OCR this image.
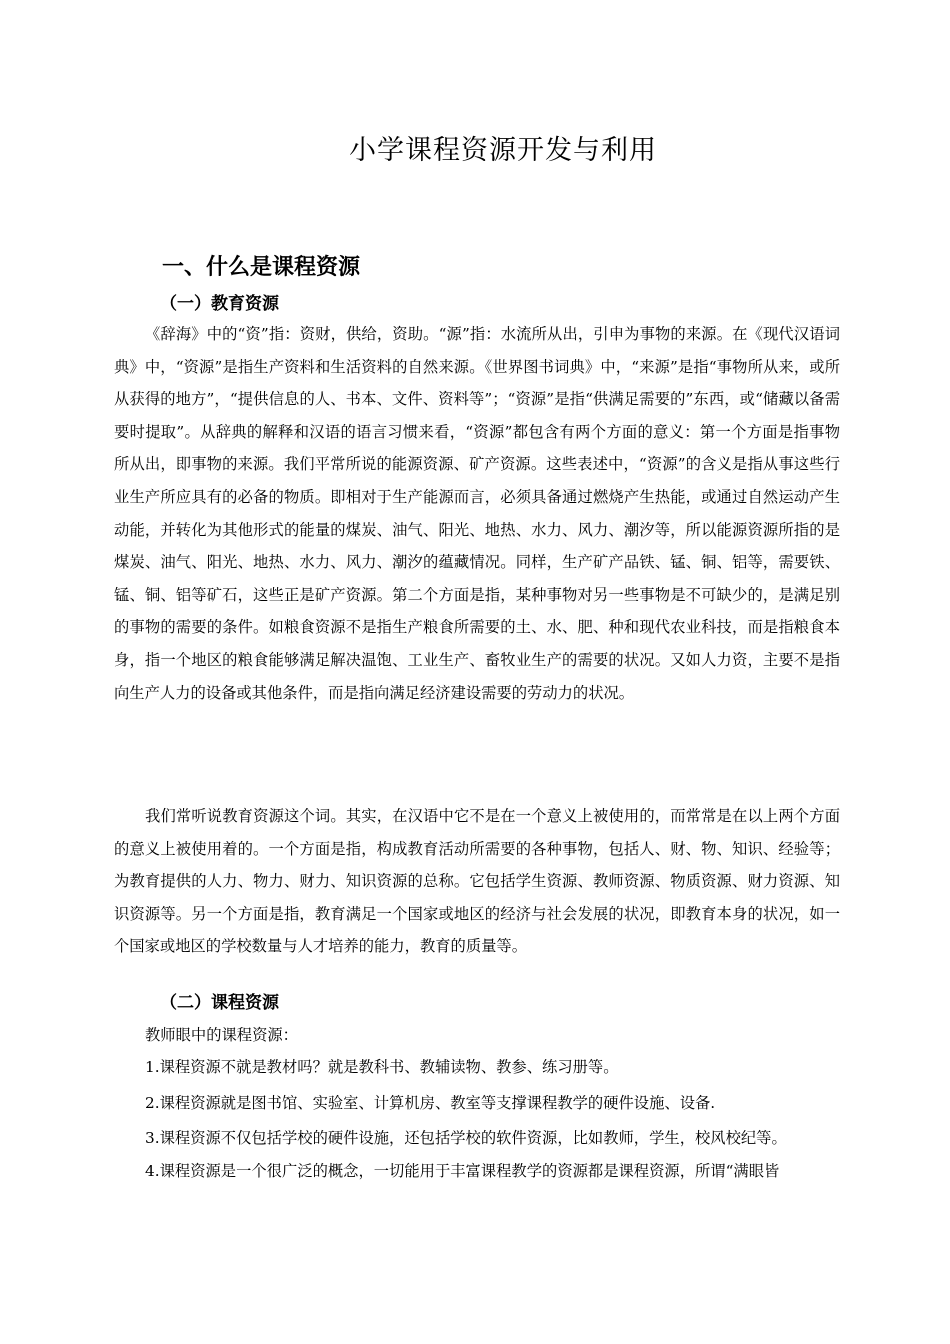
小学课程资源开发与利用
一、什么是课程资源
（一）教育资源

《辞海》中的“资”指：资财，供给，资助。“源”指：水流所从出，引申为事物的来源。在《现代汉语词典》中，“资源”是指生产资料和生活资料的自然来源。《世界图书词典》中，“来源”是指“事物所从来，或所从获得的地方”，“提供信息的人、书本、文件、资料等”；“资源”是指“供满足需要的”东西，或“储藏以备需要时提取”。从辞典的解释和汉语的语言习惯来看，“资源”都包含有两个方面的意义：第一个方面是指事物所从出，即事物的来源。我们平常所说的能源资源、矿产资源。这些表述中，“资源”的含义是指从事这些行业生产所应具有的必备的物质。即相对于生产能源而言，必须具备通过燃烧产生热能，或通过自然运动产生动能，并转化为其他形式的能量的煤炭、油气、阳光、地热、水力、风力、潮汐等，所以能源资源所指的是煤炭、油气、阳光、地热、水力、风力、潮汐的蕴藏情况。同样，生产矿产品铁、锰、铜、铝等，需要铁、锰、铜、铝等矿石，这些正是矿产资源。第二个方面是指，某种事物对另一些事物是不可缺少的，是满足别的事物的需要的条件。如粮食资源不是指生产粮食所需要的土、水、肥、种和现代农业科技，而是指粮食本身，指一个地区的粮食能够满足解决温饱、工业生产、畜牧业生产的需要的状况。又如人力资，主要不是指向生产人力的设备或其他条件，而是指向满足经济建设需要的劳动力的状况。

我们常听说教育资源这个词。其实，在汉语中它不是在一个意义上被使用的，而常常是在以上两个方面的意义上被使用着的。一个方面是指，构成教育活动所需要的各种事物，包括人、财、物、知识、经验等；为教育提供的人力、物力、财力、知识资源的总称。它包括学生资源、教师资源、物质资源、财力资源、知识资源等。另一个方面是指，教育满足一个国家或地区的经济与社会发展的状况，即教育本身的状况，如一个国家或地区的学校数量与人才培养的能力，教育的质量等。

（二）课程资源

教师眼中的课程资源：

1.课程资源不就是教材吗？就是教科书、教辅读物、教参、练习册等。

2.课程资源就是图书馆、实验室、计算机房、教室等支撑课程教学的硬件设施、设备.

3.课程资源不仅包括学校的硬件设施，还包括学校的软件资源，比如教师，学生，校风校纪等。

4.课程资源是一个很广泛的概念，一切能用于丰富课程教学的资源都是课程资源，所谓“满眼皆
